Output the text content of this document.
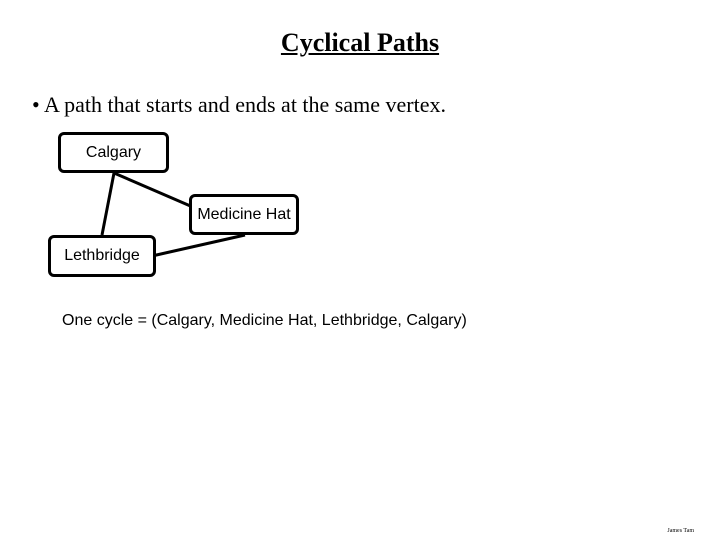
Cyclical Paths
• A path that starts and ends at the same vertex.
Calgary
Medicine Hat
Lethbridge
One cycle = (Calgary, Medicine Hat, Lethbridge, Calgary)
James Tam
